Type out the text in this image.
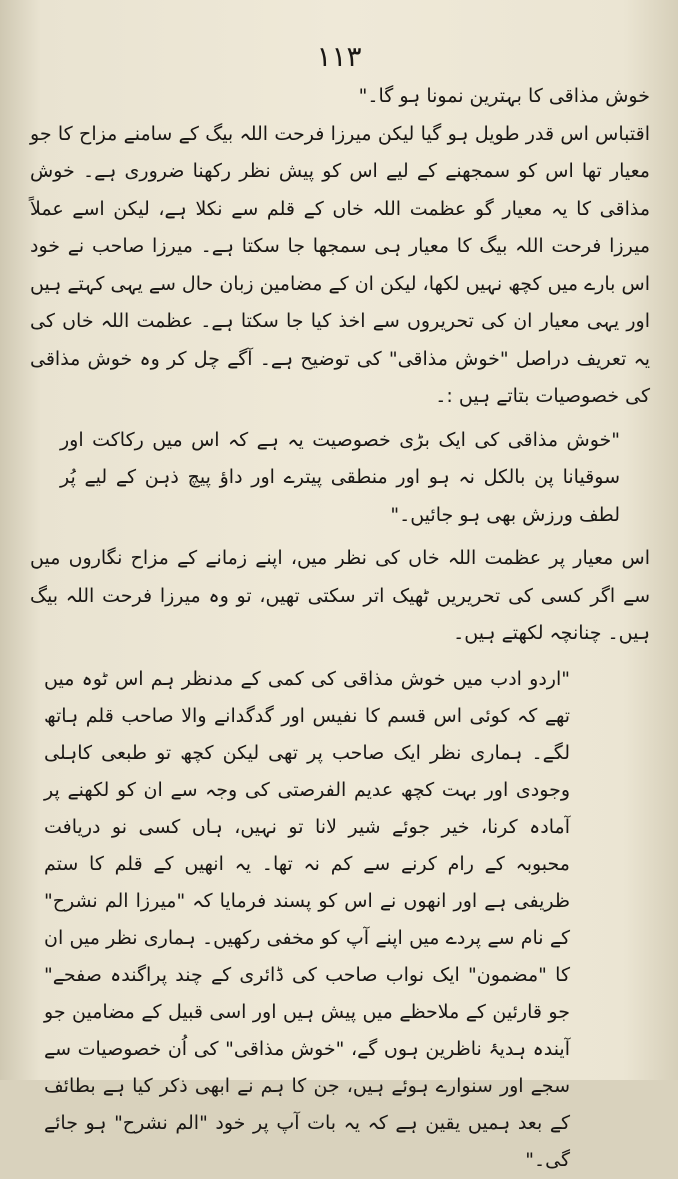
۱۱۳

خوش مذاقی کا بہترین نمونا ہو گا۔"

اقتباس اس قدر طویل ہو گیا لیکن میرزا فرحت اللہ بیگ کے سامنے مزاح کا جو معیار تھا اس کو سمجھنے کے لیے اس کو پیش نظر رکھنا ضروری ہے۔ خوش مذاقی کا یہ معیار گو عظمت اللہ خاں کے قلم سے نکلا ہے، لیکن اسے عملاً میرزا فرحت اللہ بیگ کا معیار ہی سمجھا جا سکتا ہے۔ میرزا صاحب نے خود اس بارے میں کچھ نہیں لکھا، لیکن ان کے مضامین زبان حال سے یہی کہتے ہیں اور یہی معیار ان کی تحریروں سے اخذ کیا جا سکتا ہے۔ عظمت اللہ خاں کی یہ تعریف دراصل "خوش مذاقی" کی توضیح ہے۔ آگے چل کر وہ خوش مذاقی کی خصوصیات بتاتے ہیں :۔

"خوش مذاقی کی ایک بڑی خصوصیت یہ ہے کہ اس میں رکاکت اور سوقیانا پن بالکل نہ ہو اور منطقی پیترے اور داؤ پیچ ذہن کے لیے پُر لطف ورزش بھی ہو جائیں۔"

اس معیار پر عظمت اللہ خاں کی نظر میں، اپنے زمانے کے مزاح نگاروں میں سے اگر کسی کی تحریریں ٹھیک اتر سکتی تھیں، تو وہ میرزا فرحت اللہ بیگ ہیں۔ چنانچہ لکھتے ہیں۔

"اردو ادب میں خوش مذاقی کی کمی کے مدنظر ہم اس ٹوہ میں تھے کہ کوئی اس قسم کا نفیس اور گدگدانے والا صاحب قلم ہاتھ لگے۔ ہماری نظر ایک صاحب پر تھی لیکن کچھ تو طبعی کاہلی وجودی اور بہت کچھ عدیم الفرصتی کی وجہ سے ان کو لکھنے پر آمادہ کرنا، خیر جوئے شیر لانا تو نہیں، ہاں کسی نو دریافت محبوبہ کے رام کرنے سے کم نہ تھا۔ یہ انھیں کے قلم کا ستم ظریفی ہے اور انھوں نے اس کو پسند فرمایا کہ "میرزا الم نشرح" کے نام سے پردے میں اپنے آپ کو مخفی رکھیں۔ ہماری نظر میں ان کا "مضمون" ایک نواب صاحب کی ڈائری کے چند پراگندہ صفحے" جو قارئین کے ملاحظے میں پیش ہیں اور اسی قبیل کے مضامین جو آیندہ ہدیۂ ناظرین ہوں گے، "خوش مذاقی" کی اُن خصوصیات سے سجے اور سنوارے ہوئے ہیں، جن کا ہم نے ابھی ذکر کیا ہے بطائف کے بعد ہمیں یقین ہے کہ یہ بات آپ پر خود "الم نشرح" ہو جائے گی۔"
